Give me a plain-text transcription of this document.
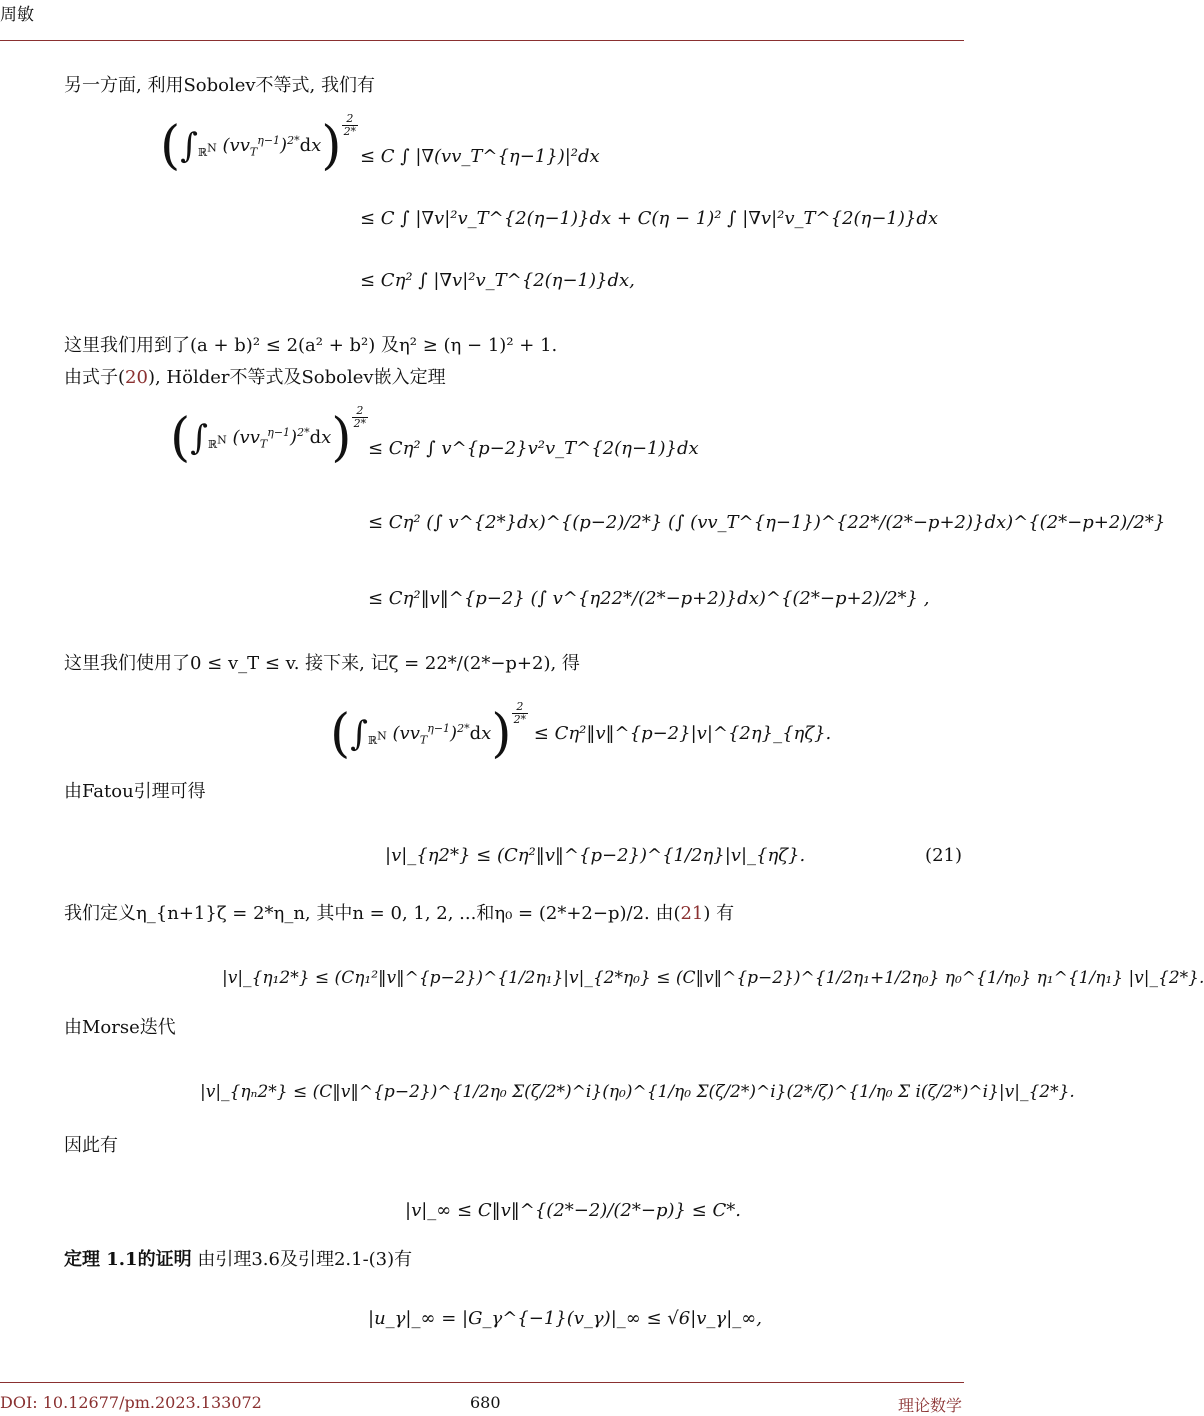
周敏
另一方面, 利用Sobolev不等式, 我们有
($\int_{ℝ^N}$ $(vv_T^{\eta-1})^{2*}dx$) $^{\frac{2}{2*}}$
≤ C ∫ |∇(vv_T^{η−1})|²dx
≤ C ∫ |∇v|²v_T^{2(η−1)}dx + C(η − 1)² ∫ |∇v|²v_T^{2(η−1)}dx
≤ Cη² ∫ |∇v|²v_T^{2(η−1)}dx,
这里我们用到了(a + b)² ≤ 2(a² + b²) 及η² ≥ (η − 1)² + 1.
由式子(20), Hölder不等式及Sobolev嵌入定理
($\int_{ℝ^N}$ $(vv_T^{\eta-1})^{2*}dx$) $^{\frac{2}{2*}}$
≤ Cη² ∫ v^{p−2}v²v_T^{2(η−1)}dx
≤ Cη² (∫ v^{2*}dx)^{(p−2)/2*} (∫ (vv_T^{η−1})^{22*/(2*−p+2)}dx)^{(2*−p+2)/2*}
≤ Cη²‖v‖^{p−2} (∫ v^{η22*/(2*−p+2)}dx)^{(2*−p+2)/2*} ,
这里我们使用了0 ≤ v_T ≤ v. 接下来, 记ζ = 22*/(2*−p+2), 得
($\int_{ℝ^N}$ $(vv_T^{\eta-1})^{2*}dx$) $^{\frac{2}{2*}}$
≤ Cη²‖v‖^{p−2}|v|^{2η}_{ηζ}.
由Fatou引理可得
|v|_{η2*} ≤ (Cη²‖v‖^{p−2})^{1/2η}|v|_{ηζ}.	(21)
我们定义η_{n+1}ζ = 2*η_n, 其中n = 0, 1, 2, ...和η₀ = (2*+2−p)/2. 由(21) 有
|v|_{η₁2*} ≤ (Cη₁²‖v‖^{p−2})^{1/2η₁}|v|_{2*η₀} ≤ (C‖v‖^{p−2})^{1/2η₁+1/2η₀} η₀^{1/η₀} η₁^{1/η₁} |v|_{2*}.
由Morse迭代
|v|_{ηₙ2*} ≤ (C‖v‖^{p−2})^{1/2η₀ Σ(ζ/2*)^i}(η₀)^{1/η₀ Σ(ζ/2*)^i}(2*/ζ)^{1/η₀ Σ i(ζ/2*)^i}|v|_{2*}.
因此有
|v|_∞ ≤ C‖v‖^{(2*−2)/(2*−p)} ≤ C*.
定理 1.1的证明 由引理3.6及引理2.1-(3)有
|u_γ|_∞ = |G_γ^{−1}(v_γ)|_∞ ≤ √6|v_γ|_∞,
DOI: 10.12677/pm.2023.133072	680	理论数学
